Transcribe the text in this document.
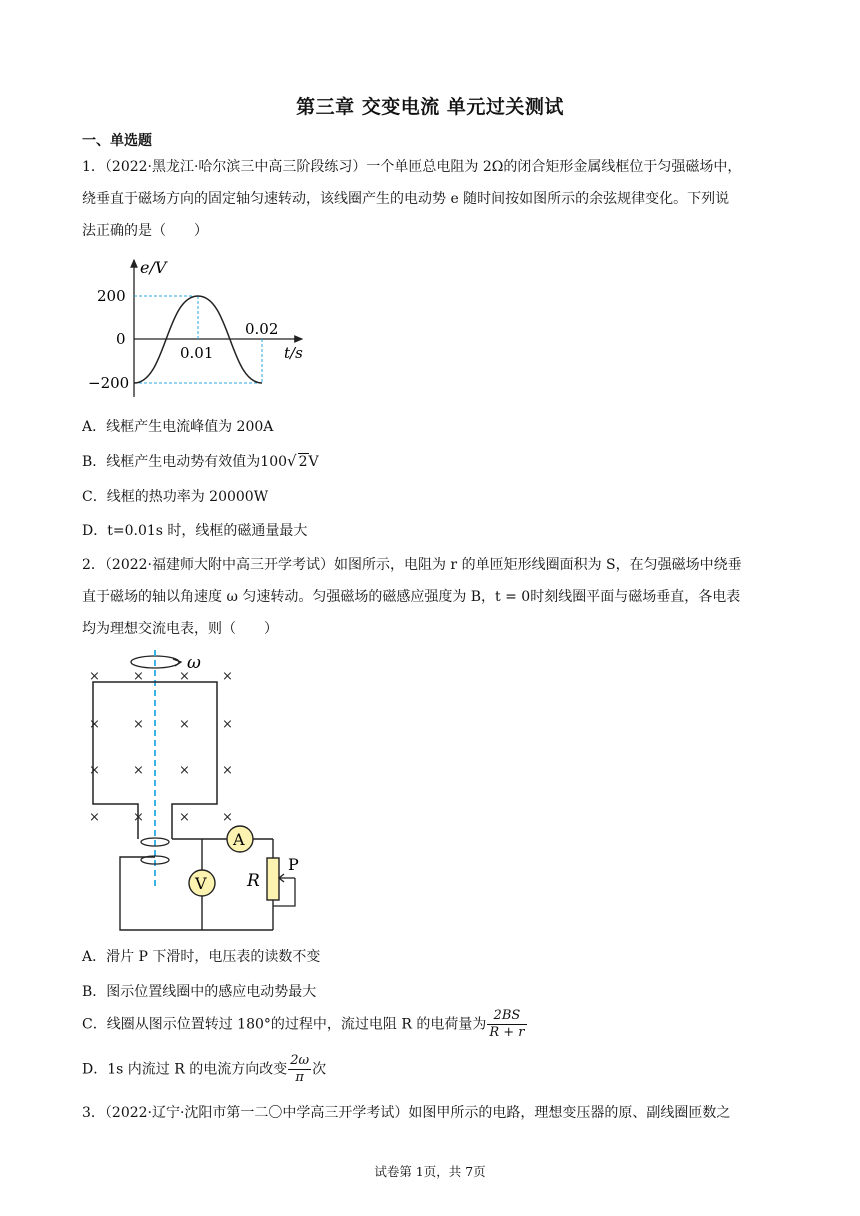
第三章 交变电流 单元过关测试
一、单选题
1．（2022·黑龙江·哈尔滨三中高三阶段练习）一个单匝总电阻为 2Ω的闭合矩形金属线框位于匀强磁场中，
绕垂直于磁场方向的固定轴匀速转动，该线圈产生的电动势 e 随时间按如图所示的余弦规律变化。下列说
法正确的是（　　）
e/V
t/s
200
0
−200
0.01
0.02
A．线框产生电流峰值为 200A
B．线框产生电动势有效值为100√ 2V
C．线框的热功率为 20000W
D．t=0.01s 时，线框的磁通量最大
2．（2022·福建师大附中高三开学考试）如图所示，电阻为 r 的单匝矩形线圈面积为 S，在匀强磁场中绕垂
直于磁场的轴以角速度 ω 匀速转动。匀强磁场的磁感应强度为 B，t = 0时刻线圈平面与磁场垂直，各电表
均为理想交流电表，则（　　）
ω
A
R
P
V
×	×	× ×
×	×	× ×
×	×	× ×
×	×	× ×
A．滑片 P 下滑时，电压表的读数不变
B．图示位置线圈中的感应电动势最大
C．线圈从图示位置转过 180°的过程中，流过电阻 R 的电荷量为 $\frac{2BS}{R + r}$
D．1s 内流过 R 的电流方向改变 $\frac{2\omega}{\pi}$ 次
3．（2022·辽宁·沈阳市第一二〇中学高三开学考试）如图甲所示的电路，理想变压器的原、副线圈匝数之
试卷第 1页，共 7页
